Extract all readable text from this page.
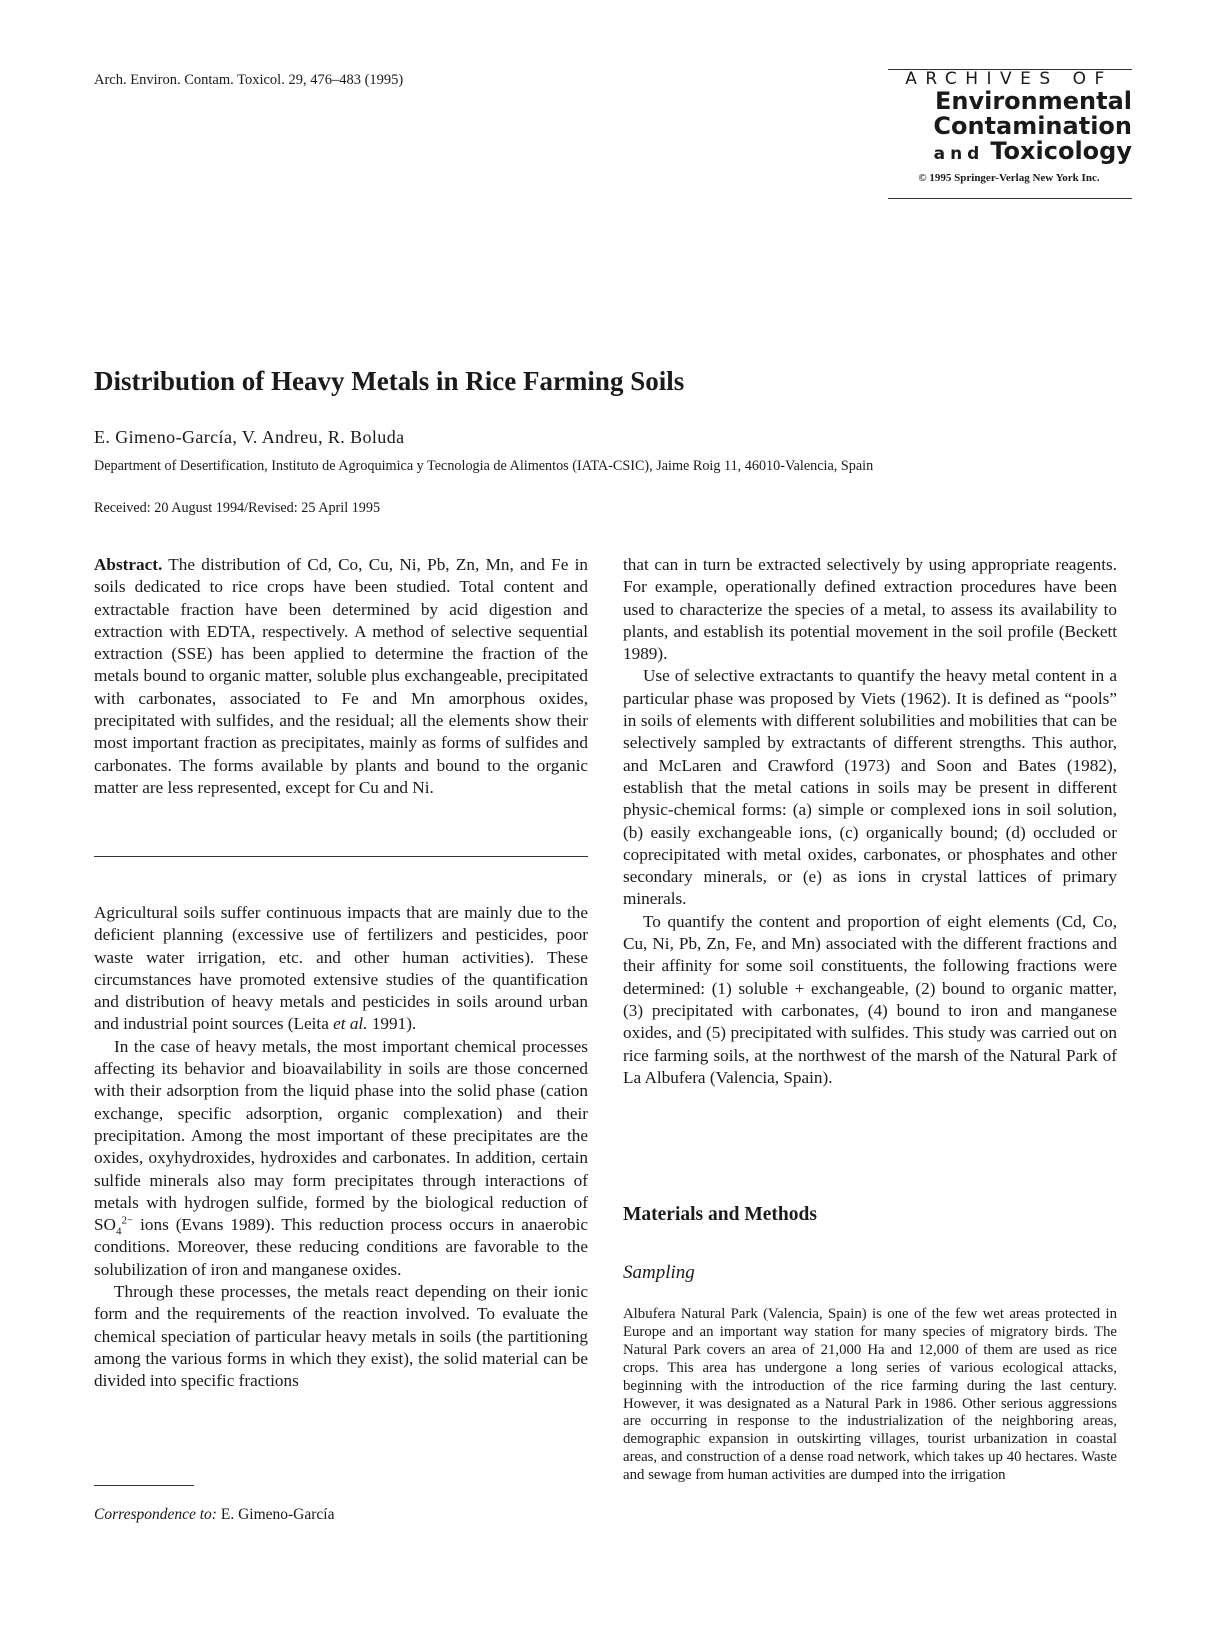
Arch. Environ. Contam. Toxicol. 29, 476–483 (1995)	ARCHIVES OF
Environmental
Contamination
and Toxicology
© 1995 Springer-Verlag New York Inc.
Distribution of Heavy Metals in Rice Farming Soils
E. Gimeno-García, V. Andreu, R. Boluda
Department of Desertification, Instituto de Agroquimica y Tecnologia de Alimentos (IATA-CSIC), Jaime Roig 11, 46010-Valencia, Spain
Received: 20 August 1994/Revised: 25 April 1995

Abstract. The distribution of Cd, Co, Cu, Ni, Pb, Zn, Mn, and Fe in soils dedicated to rice crops have been studied. Total content and extractable fraction have been determined by acid digestion and extraction with EDTA, respectively. A method of selective sequential extraction (SSE) has been applied to determine the fraction of the metals bound to organic matter, soluble plus exchangeable, precipitated with carbonates, associated to Fe and Mn amorphous oxides, precipitated with sulfides, and the residual; all the elements show their most important fraction as precipitates, mainly as forms of sulfides and carbonates. The forms available by plants and bound to the organic matter are less represented, except for Cu and Ni.

Agricultural soils suffer continuous impacts that are mainly due to the deficient planning (excessive use of fertilizers and pesticides, poor waste water irrigation, etc. and other human activities). These circumstances have promoted extensive studies of the quantification and distribution of heavy metals and pesticides in soils around urban and industrial point sources (Leita et al. 1991).

In the case of heavy metals, the most important chemical processes affecting its behavior and bioavailability in soils are those concerned with their adsorption from the liquid phase into the solid phase (cation exchange, specific adsorption, organic complexation) and their precipitation. Among the most important of these precipitates are the oxides, oxyhydroxides, hydroxides and carbonates. In addition, certain sulfide minerals also may form precipitates through interactions of metals with hydrogen sulfide, formed by the biological reduction of $SO_4^{2-}$ ions (Evans 1989). This reduction process occurs in anaerobic conditions. Moreover, these reducing conditions are favorable to the solubilization of iron and manganese oxides.

Through these processes, the metals react depending on their ionic form and the requirements of the reaction involved. To evaluate the chemical speciation of particular heavy metals in soils (the partitioning among the various forms in which they exist), the solid material can be divided into specific fractions

Correspondence to: E. Gimeno-García

that can in turn be extracted selectively by using appropriate reagents. For example, operationally defined extraction procedures have been used to characterize the species of a metal, to assess its availability to plants, and establish its potential movement in the soil profile (Beckett 1989).

Use of selective extractants to quantify the heavy metal content in a particular phase was proposed by Viets (1962). It is defined as “pools” in soils of elements with different solubilities and mobilities that can be selectively sampled by extractants of different strengths. This author, and McLaren and Crawford (1973) and Soon and Bates (1982), establish that the metal cations in soils may be present in different physic-chemical forms: (a) simple or complexed ions in soil solution, (b) easily exchangeable ions, (c) organically bound; (d) occluded or coprecipitated with metal oxides, carbonates, or phosphates and other secondary minerals, or (e) as ions in crystal lattices of primary minerals.

To quantify the content and proportion of eight elements (Cd, Co, Cu, Ni, Pb, Zn, Fe, and Mn) associated with the different fractions and their affinity for some soil constituents, the following fractions were determined: (1) soluble + exchangeable, (2) bound to organic matter, (3) precipitated with carbonates, (4) bound to iron and manganese oxides, and (5) precipitated with sulfides. This study was carried out on rice farming soils, at the northwest of the marsh of the Natural Park of La Albufera (Valencia, Spain).

Materials and Methods
Sampling

Albufera Natural Park (Valencia, Spain) is one of the few wet areas protected in Europe and an important way station for many species of migratory birds. The Natural Park covers an area of 21,000 Ha and 12,000 of them are used as rice crops. This area has undergone a long series of various ecological attacks, beginning with the introduction of the rice farming during the last century. However, it was designated as a Natural Park in 1986. Other serious aggressions are occurring in response to the industrialization of the neighboring areas, demographic expansion in outskirting villages, tourist urbanization in coastal areas, and construction of a dense road network, which takes up 40 hectares. Waste and sewage from human activities are dumped into the irrigation
